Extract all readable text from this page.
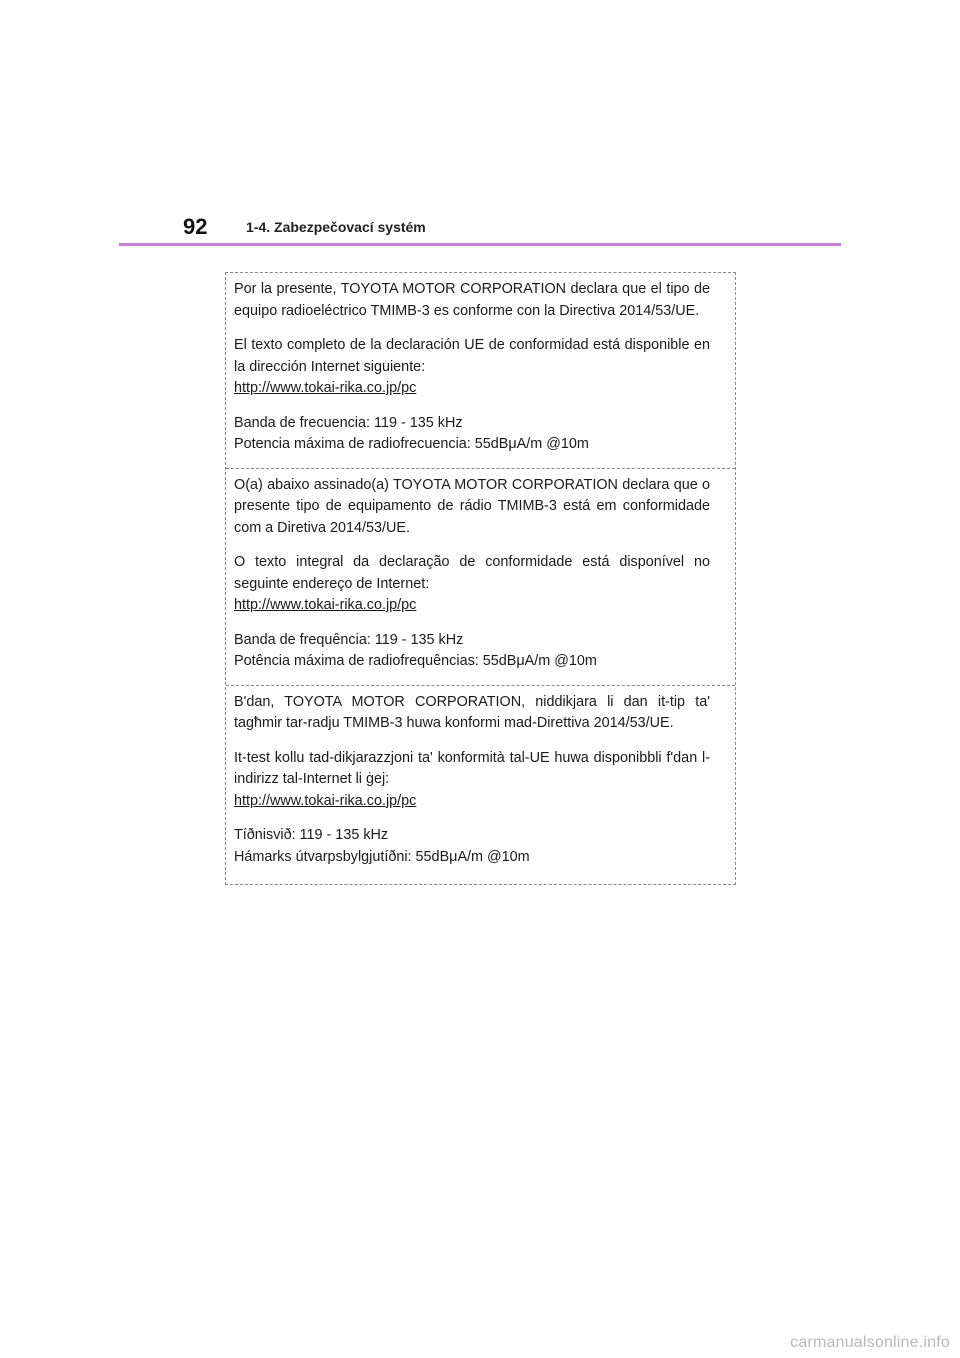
92	1-4. Zabezpečovací systém

Por la presente, TOYOTA MOTOR CORPORATION declara que el tipo de equipo radioeléctrico TMIMB-3 es conforme con la Directiva 2014/53/UE.

El texto completo de la declaración UE de conformidad está disponible en la dirección Internet siguiente:

http://www.tokai-rika.co.jp/pc

Banda de frecuencia: 119 - 135 kHz

Potencia máxima de radiofrecuencia: 55dBμA/m @10m

O(a) abaixo assinado(a) TOYOTA MOTOR CORPORATION declara que o presente tipo de equipamento de rádio TMIMB-3 está em conformidade com a Diretiva 2014/53/UE.

O texto integral da declaração de conformidade está disponível no seguinte endereço de Internet:

http://www.tokai-rika.co.jp/pc

Banda de frequência: 119 - 135 kHz

Potência máxima de radiofrequências: 55dBμA/m @10m

B'dan, TOYOTA MOTOR CORPORATION, niddikjara li dan it-tip ta' tagħmir tar-radju TMIMB-3 huwa konformi mad-Direttiva 2014/53/UE.

It-test kollu tad-dikjarazzjoni ta' konformità tal-UE huwa disponibbli f'dan l-indirizz tal-Internet li ġej:

http://www.tokai-rika.co.jp/pc

Tíðnisvið: 119 - 135 kHz

Hámarks útvarpsbylgjutíðni: 55dBμA/m @10m

carmanualsonline.info
